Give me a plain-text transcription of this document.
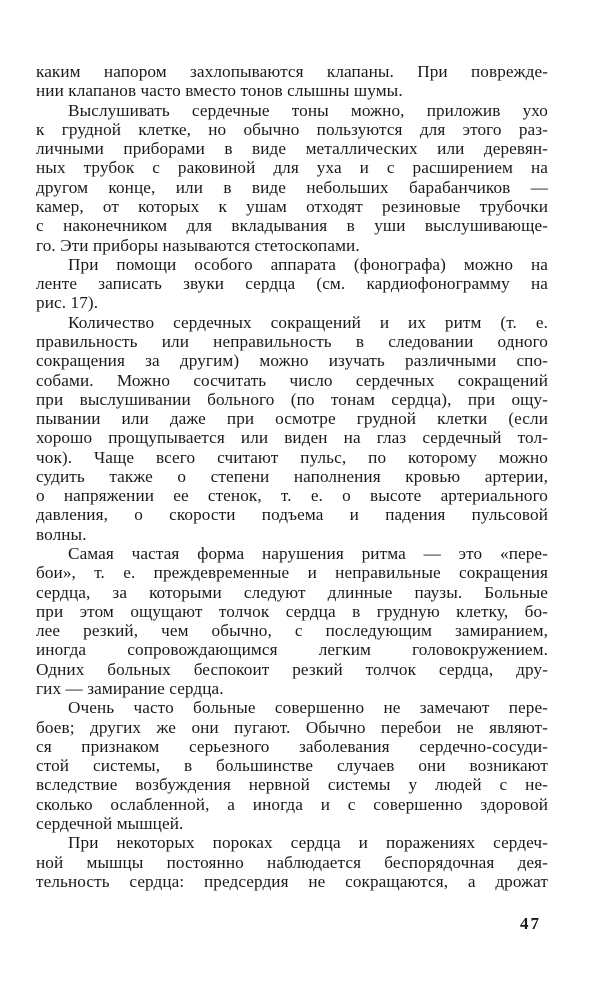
каким напором захлопываются клапаны. При поврежде-
нии клапанов часто вместо тонов слышны шумы.
Выслушивать сердечные тоны можно, приложив ухо
к грудной клетке, но обычно пользуются для этого раз-
личными приборами в виде металлических или деревян-
ных трубок с раковиной для уха и с расширением на
другом конце, или в виде небольших барабанчиков —
камер, от которых к ушам отходят резиновые трубочки
с наконечником для вкладывания в уши выслушивающе-
го. Эти приборы называются стетоскопами.
При помощи особого аппарата (фонографа) можно на
ленте записать звуки сердца (см. кардиофонограмму на
рис. 17).
Количество сердечных сокращений и их ритм (т. е.
правильность или неправильность в следовании одного
сокращения за другим) можно изучать различными спо-
собами. Можно сосчитать число сердечных сокращений
при выслушивании больного (по тонам сердца), при ощу-
пывании или даже при осмотре грудной клетки (если
хорошо прощупывается или виден на глаз сердечный тол-
чок). Чаще всего считают пульс, по которому можно
судить также о степени наполнения кровью артерии,
о напряжении ее стенок, т. е. о высоте артериального
давления, о скорости подъема и падения пульсовой
волны.
Самая частая форма нарушения ритма — это «пере-
бои», т. е. преждевременные и неправильные сокращения
сердца, за которыми следуют длинные паузы. Больные
при этом ощущают толчок сердца в грудную клетку, бо-
лее резкий, чем обычно, с последующим замиранием,
иногда сопровождающимся легким головокружением.
Одних больных беспокоит резкий толчок сердца, дру-
гих — замирание сердца.
Очень часто больные совершенно не замечают пере-
боев; других же они пугают. Обычно перебои не являют-
ся признаком серьезного заболевания сердечно-сосуди-
стой системы, в большинстве случаев они возникают
вследствие возбуждения нервной системы у людей с не-
сколько ослабленной, а иногда и с совершенно здоровой
сердечной мышцей.
При некоторых пороках сердца и поражениях сердеч-
ной мышцы постоянно наблюдается беспорядочная дея-
тельность сердца: предсердия не сокращаются, а дрожат
47
